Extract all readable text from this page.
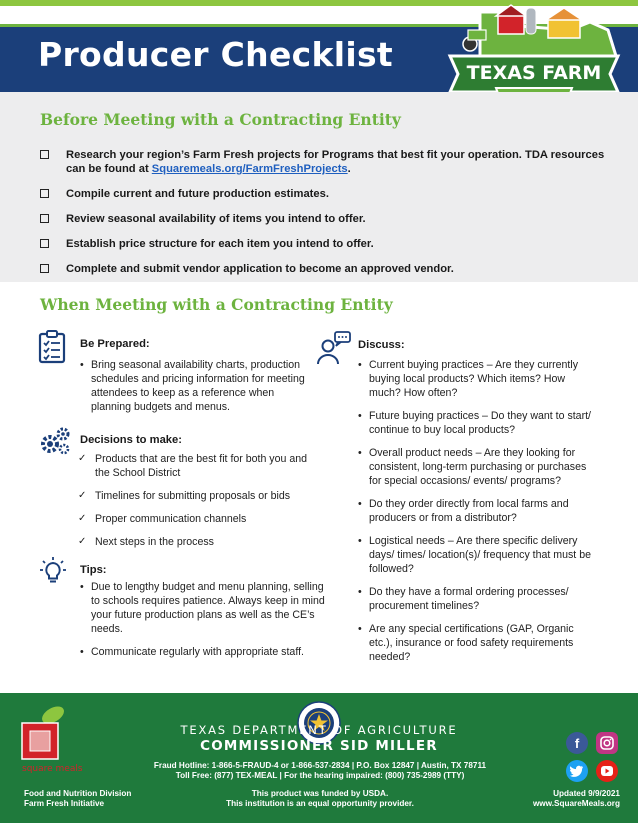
Producer Checklist	TEXAS FARM
Before Meeting with a Contracting Entity
Research your region’s Farm Fresh projects for Programs that best fit your operation. TDA resources can be found at Squaremeals.org/FarmFreshProjects.
Compile current and future production estimates.
Review seasonal availability of items you intend to offer.
Establish price structure for each item you intend to offer.
Complete and submit vendor application to become an approved vendor.
When Meeting with a Contracting Entity
Be Prepared:
• Bring seasonal availability charts, production schedules and pricing information for meeting attendees to keep as a reference when planning budgets and menus.
Decisions to make:
✓ Products that are the best fit for both you and the School District
✓ Timelines for submitting proposals or bids
✓ Proper communication channels
✓ Next steps in the process
Tips:
• Due to lengthy budget and menu planning, selling to schools requires patience. Always keep in mind your future production plans as well as the CE’s needs.
• Communicate regularly with appropriate staff.
Discuss:
• Current buying practices – Are they currently buying local products? Which items? How much? How often?
• Future buying practices – Do they want to start/ continue to buy local products?
• Overall product needs – Are they looking for consistent, long-term purchasing or purchases for special occasions/ events/ programs?
• Do they order directly from local farms and producers or from a distributor?
• Logistical needs – Are there specific delivery days/ times/ location(s)/ frequency that must be followed?
• Do they have a formal ordering processes/ procurement timelines?
• Are any special certifications (GAP, Organic etc.), insurance or food safety requirements needed?
square meals
TEXAS DEPARTMENT OF AGRICULTURE
COMMISSIONER SID MILLER
Fraud Hotline: 1-866-5-FRAUD-4 or 1-866-537-2834 | P.O. Box 12847 | Austin, TX 78711
Toll Free: (877) TEX-MEAL | For the hearing impaired: (800) 735-2989 (TTY)
This product was funded by USDA.
This institution is an equal opportunity provider.
Food and Nutrition Division
Farm Fresh Initiative
Updated 9/9/2021
www.SquareMeals.org
f
